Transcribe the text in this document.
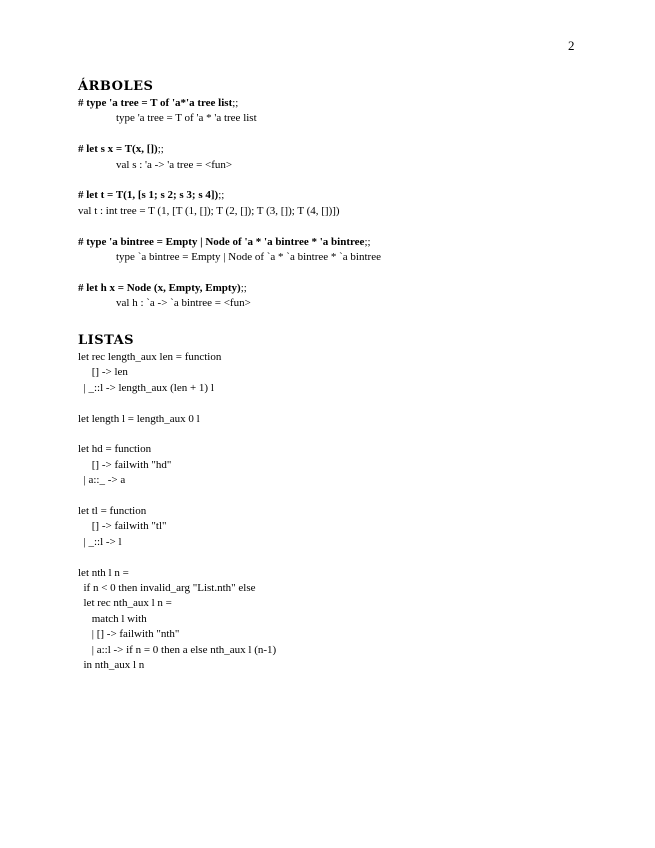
2
ÁRBOLES
# type 'a tree = T of 'a*'a tree list;;
type 'a tree = T of 'a * 'a tree list
# let s x = T(x, []);;
val s : 'a -> 'a tree = <fun>
# let t = T(1, [s 1; s 2; s 3; s 4]);;
val t : int tree = T (1, [T (1, []); T (2, []); T (3, []); T (4, [])])
# type 'a bintree = Empty | Node of 'a * 'a bintree * 'a bintree;;
type `a bintree = Empty | Node of `a * `a bintree * `a bintree
# let h x = Node (x, Empty, Empty);;
val h : `a -> `a bintree = <fun>
LISTAS
let rec length_aux len = function
[] -> len
| _::l -> length_aux (len + 1) l
let length l = length_aux 0 l
let hd = function
[] -> failwith "hd"
| a::_ -> a
let tl = function
[] -> failwith "tl"
| _::l -> l
let nth l n =
if n < 0 then invalid_arg "List.nth" else
let rec nth_aux l n =
match l with
| [] -> failwith "nth"
| a::l -> if n = 0 then a else nth_aux l (n-1)
in nth_aux l n
